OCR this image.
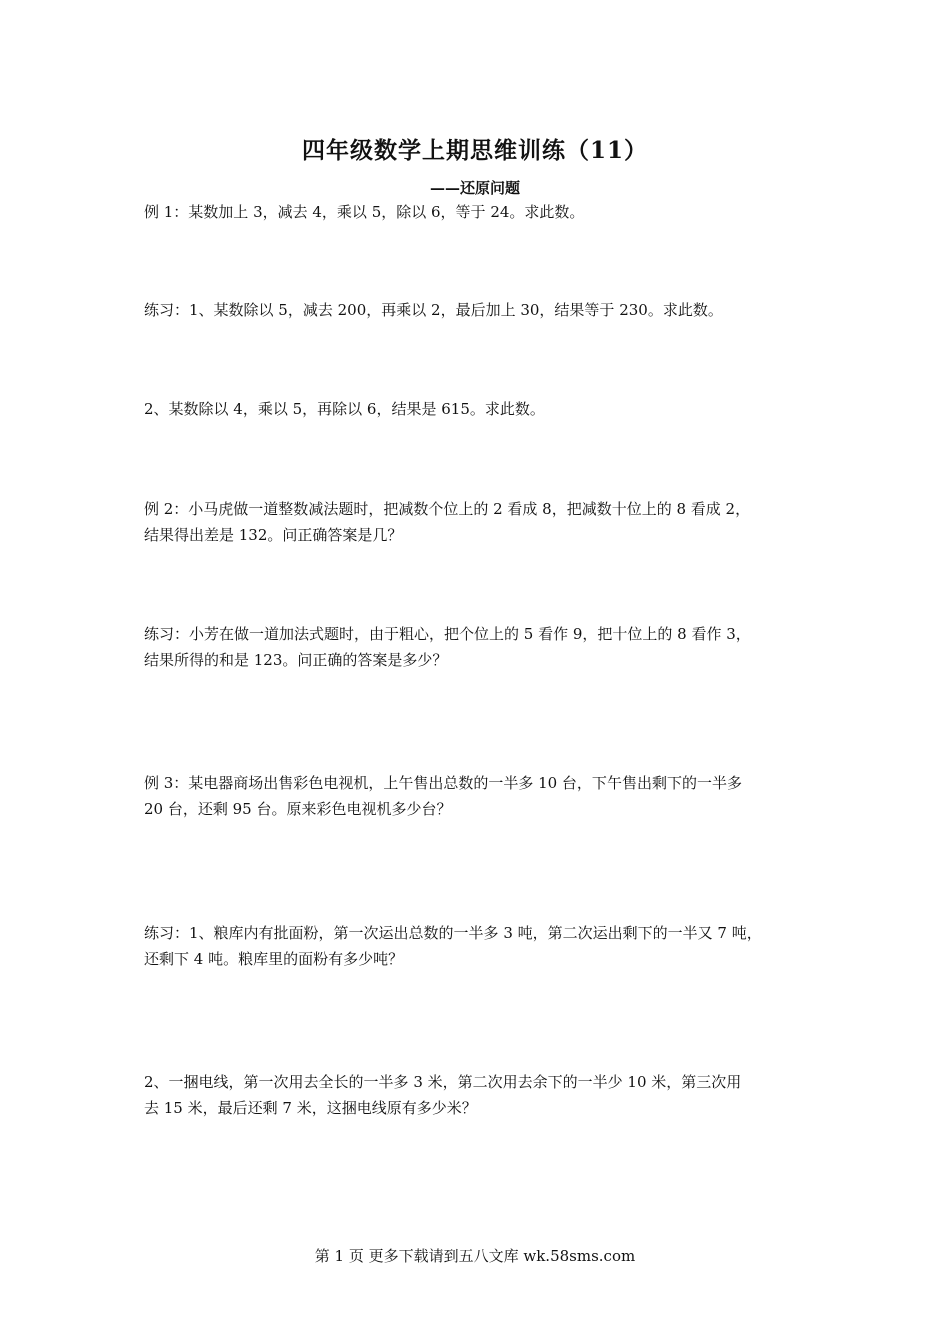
四年级数学上期思维训练（11）
——还原问题
例 1：某数加上 3，减去 4，乘以 5，除以 6，等于 24。求此数。
练习：1、某数除以 5，减去 200，再乘以 2，最后加上 30，结果等于 230。求此数。
2、某数除以 4，乘以 5，再除以 6，结果是 615。求此数。
例 2：小马虎做一道整数减法题时，把减数个位上的 2 看成 8，把减数十位上的 8 看成 2，
结果得出差是 132。问正确答案是几？
练习：小芳在做一道加法式题时，由于粗心，把个位上的 5 看作 9，把十位上的 8 看作 3，
结果所得的和是 123。问正确的答案是多少？
例 3：某电器商场出售彩色电视机，上午售出总数的一半多 10 台，下午售出剩下的一半多
20 台，还剩 95 台。原来彩色电视机多少台？
练习：1、粮库内有批面粉，第一次运出总数的一半多 3 吨，第二次运出剩下的一半又 7 吨，
还剩下 4 吨。粮库里的面粉有多少吨？
2、一捆电线，第一次用去全长的一半多 3 米，第二次用去余下的一半少 10 米，第三次用
去 15 米，最后还剩 7 米，这捆电线原有多少米？
第 1 页 更多下载请到五八文库 wk.58sms.com
